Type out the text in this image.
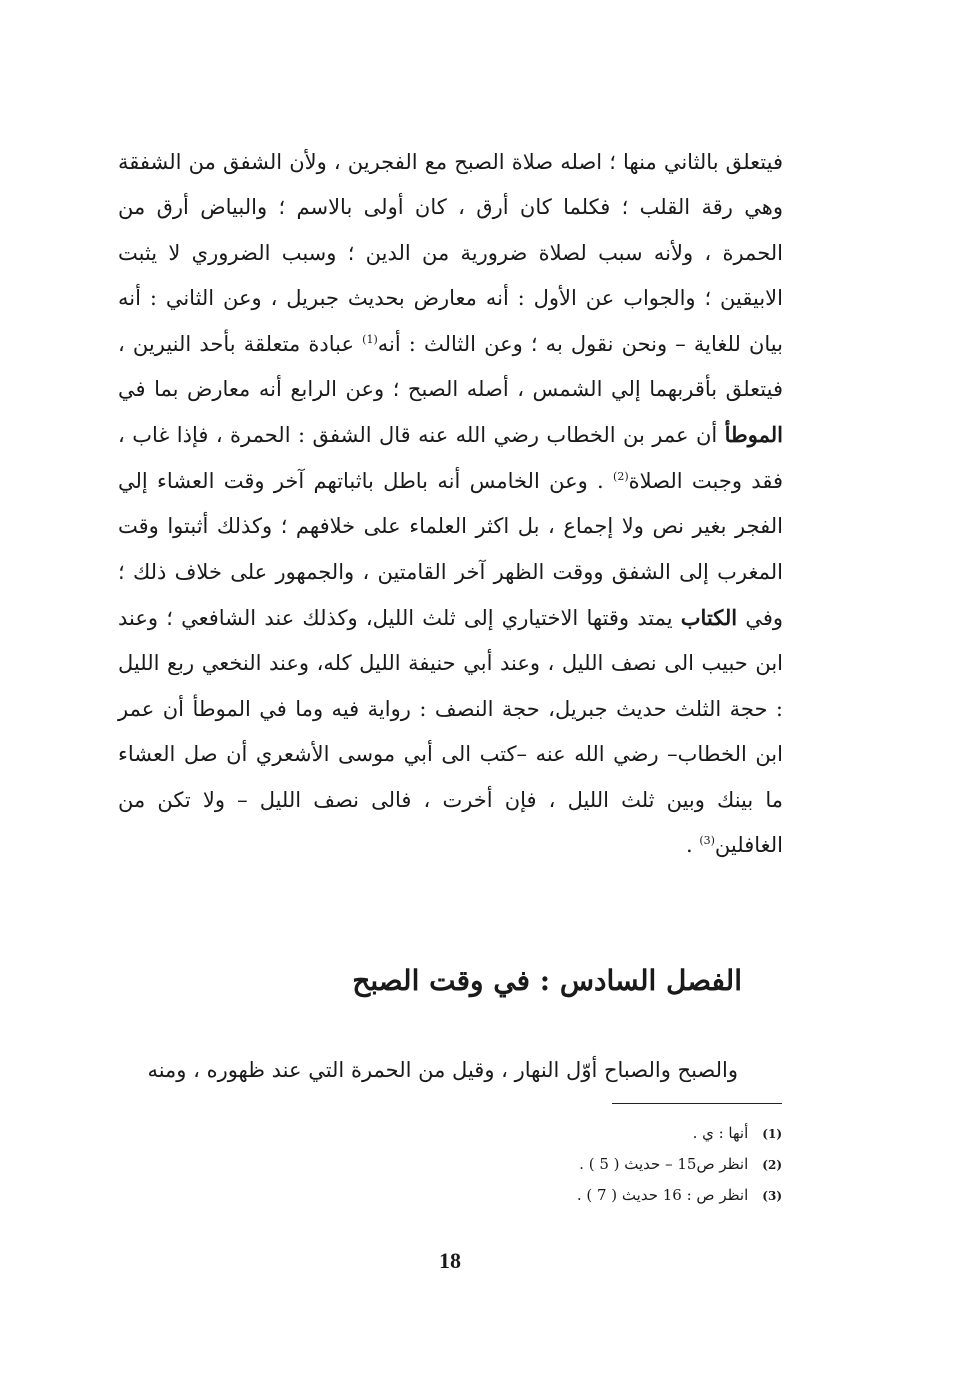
فيتعلق بالثاني منها ؛ اصله صلاة الصبح مع الفجرين ، ولأن الشفق من الشفقة وهي رقة القلب ؛ فكلما كان أرق ، كان أولى بالاسم ؛ والبياض أرق من الحمرة ، ولأنه سبب لصلاة ضرورية من الدين ؛ وسبب الضروري لا يثبت الابيقين ؛ والجواب عن الأول : أنه معارض بحديث جبريل ، وعن الثاني : أنه بيان للغاية – ونحن نقول به ؛ وعن الثالث : أنه$^{(1)}$ عبادة متعلقة بأحد النيرين ، فيتعلق بأقربهما إلي الشمس ، أصله الصبح ؛ وعن الرابع أنه معارض بما في الموطأ أن عمر بن الخطاب رضي الله عنه قال الشفق : الحمرة ، فإذا غاب ، فقد وجبت الصلاة$^{(2)}$ . وعن الخامس أنه باطل باثباتهم آخر وقت العشاء إلي الفجر بغير نص ولا إجماع ، بل اكثر العلماء على خلافهم ؛ وكذلك أثبتوا وقت المغرب إلى الشفق ووقت الظهر آخر القامتين ، والجمهور على خلاف ذلك ؛ وفي الكتاب يمتد وقتها الاختياري إلى ثلث الليل، وكذلك عند الشافعي ؛ وعند ابن حبيب الى نصف الليل ، وعند أبي حنيفة الليل كله، وعند النخعي ربع الليل : حجة الثلث حديث جبريل، حجة النصف : رواية فيه وما في الموطأ أن عمر ابن الخطاب– رضي الله عنه –كتب الى أبي موسى الأشعري أن صل العشاء ما بينك وبين ثلث الليل ، فإن أخرت ، فالى نصف الليل – ولا تكن من الغافلين$^{(3)}$ .

الفصل السادس : في وقت الصبح

والصبح والصباح أوّل النهار ، وقيل من الحمرة التي عند ظهوره ، ومنه

(1)
أنها : ي .
(2)
انظر ص15 – حديث ( 5 ) .
(3)
انظر ص : 16 حديث ( 7 ) .
18
